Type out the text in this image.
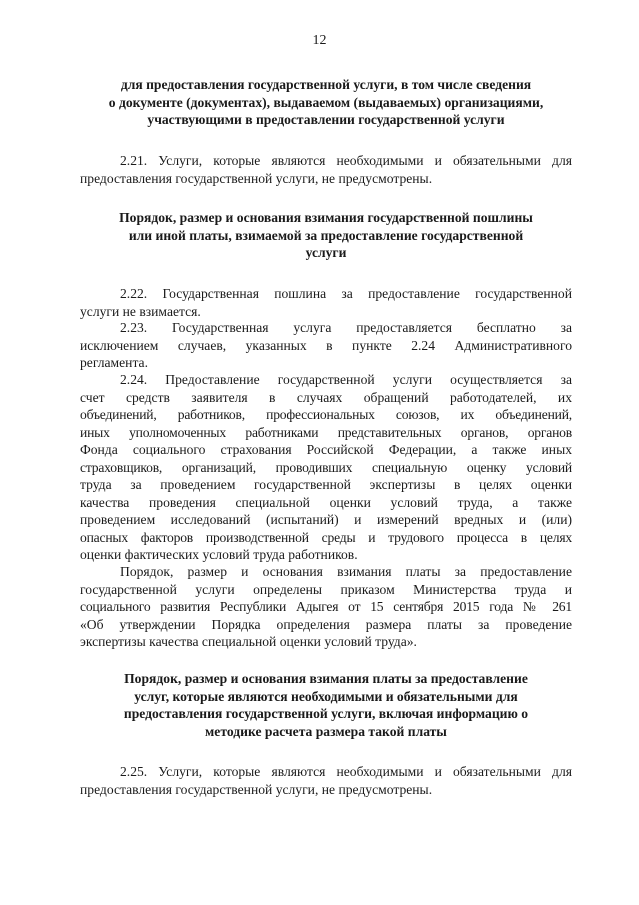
12
для предоставления государственной услуги, в том числе сведения
о документе (документах), выдаваемом (выдаваемых) организациями,
участвующими в предоставлении государственной услуги
2.21. Услуги, которые являются необходимыми и обязательными для
предоставления государственной услуги, не предусмотрены.
Порядок, размер и основания взимания государственной пошлины
или иной платы, взимаемой за предоставление государственной
услуги
2.22. Государственная пошлина за предоставление государственной
услуги не взимается.
2.23. Государственная услуга предоставляется бесплатно за
исключением случаев, указанных в пункте 2.24 Административного
регламента.
2.24. Предоставление государственной услуги осуществляется за
счет средств заявителя в случаях обращений работодателей, их
объединений, работников, профессиональных союзов, их объединений,
иных уполномоченных работниками представительных органов, органов
Фонда социального страхования Российской Федерации, а также иных
страховщиков, организаций, проводивших специальную оценку условий
труда за проведением государственной экспертизы в целях оценки
качества проведения специальной оценки условий труда, а также
проведением исследований (испытаний) и измерений вредных и (или)
опасных факторов производственной среды и трудового процесса в целях
оценки фактических условий труда работников.
Порядок, размер и основания взимания платы за предоставление
государственной услуги определены приказом Министерства труда и
социального развития Республики Адыгея от 15 сентября 2015 года № 261
«Об утверждении Порядка определения размера платы за проведение
экспертизы качества специальной оценки условий труда».
Порядок, размер и основания взимания платы за предоставление
услуг, которые являются необходимыми и обязательными для
предоставления государственной услуги, включая информацию о
методике расчета размера такой платы
2.25. Услуги, которые являются необходимыми и обязательными для
предоставления государственной услуги, не предусмотрены.
